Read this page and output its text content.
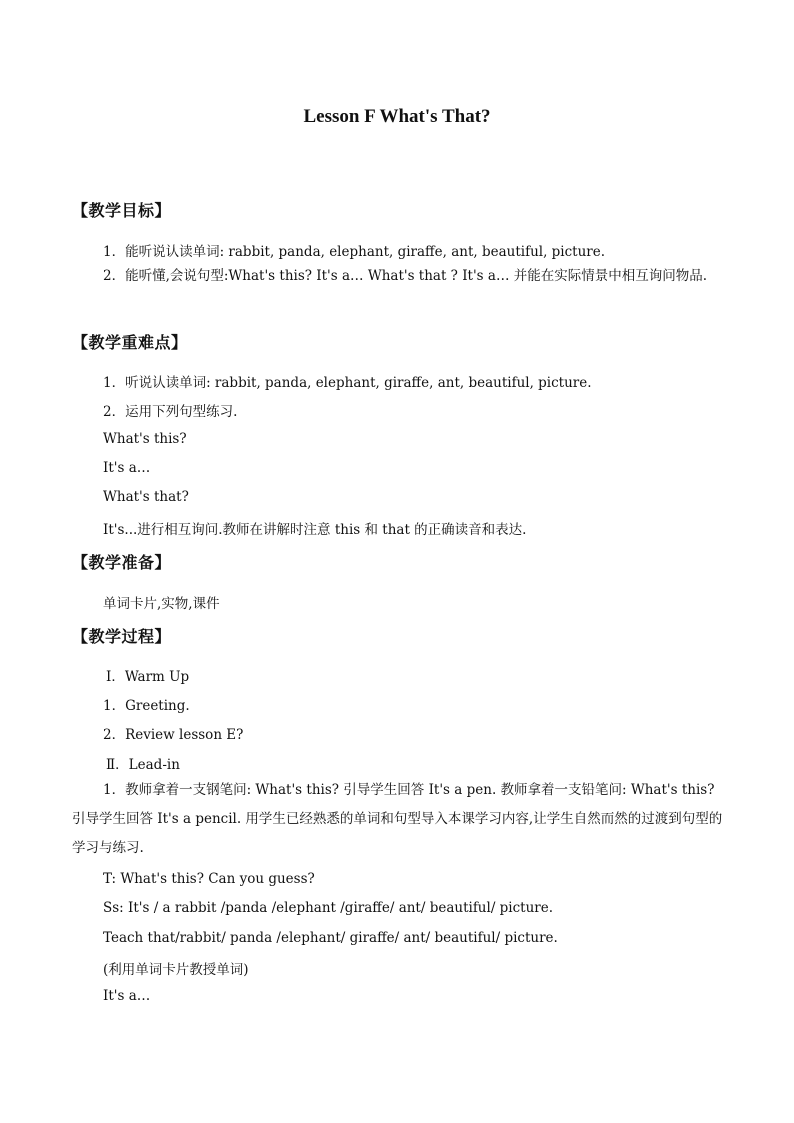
Lesson F What's That?
【教学目标】
1．能听说认读单词: rabbit, panda, elephant, giraffe, ant, beautiful, picture.
2．能听懂,会说句型:What's this? It's a… What's that ? It's a… 并能在实际情景中相互询问物品.
【教学重难点】
1．听说认读单词: rabbit, panda, elephant, giraffe, ant, beautiful, picture.
2．运用下列句型练习.
What's this?
It's a…
What's that?
It's...进行相互询问.教师在讲解时注意 this 和 that 的正确读音和表达.
【教学准备】
单词卡片,实物,课件
【教学过程】
Ⅰ．Warm Up
1．Greeting.
2．Review lesson E?
Ⅱ．Lead-in
1．教师拿着一支钢笔问: What's this? 引导学生回答 It's a pen. 教师拿着一支铅笔问: What's this? 引导学生回答 It's a pencil. 用学生已经熟悉的单词和句型导入本课学习内容,让学生自然而然的过渡到句型的学习与练习.
T: What's this? Can you guess?
Ss: It's / a rabbit /panda /elephant /giraffe/ ant/ beautiful/ picture.
Teach that/rabbit/ panda /elephant/ giraffe/ ant/ beautiful/ picture.
(利用单词卡片教授单词)
It's a…
